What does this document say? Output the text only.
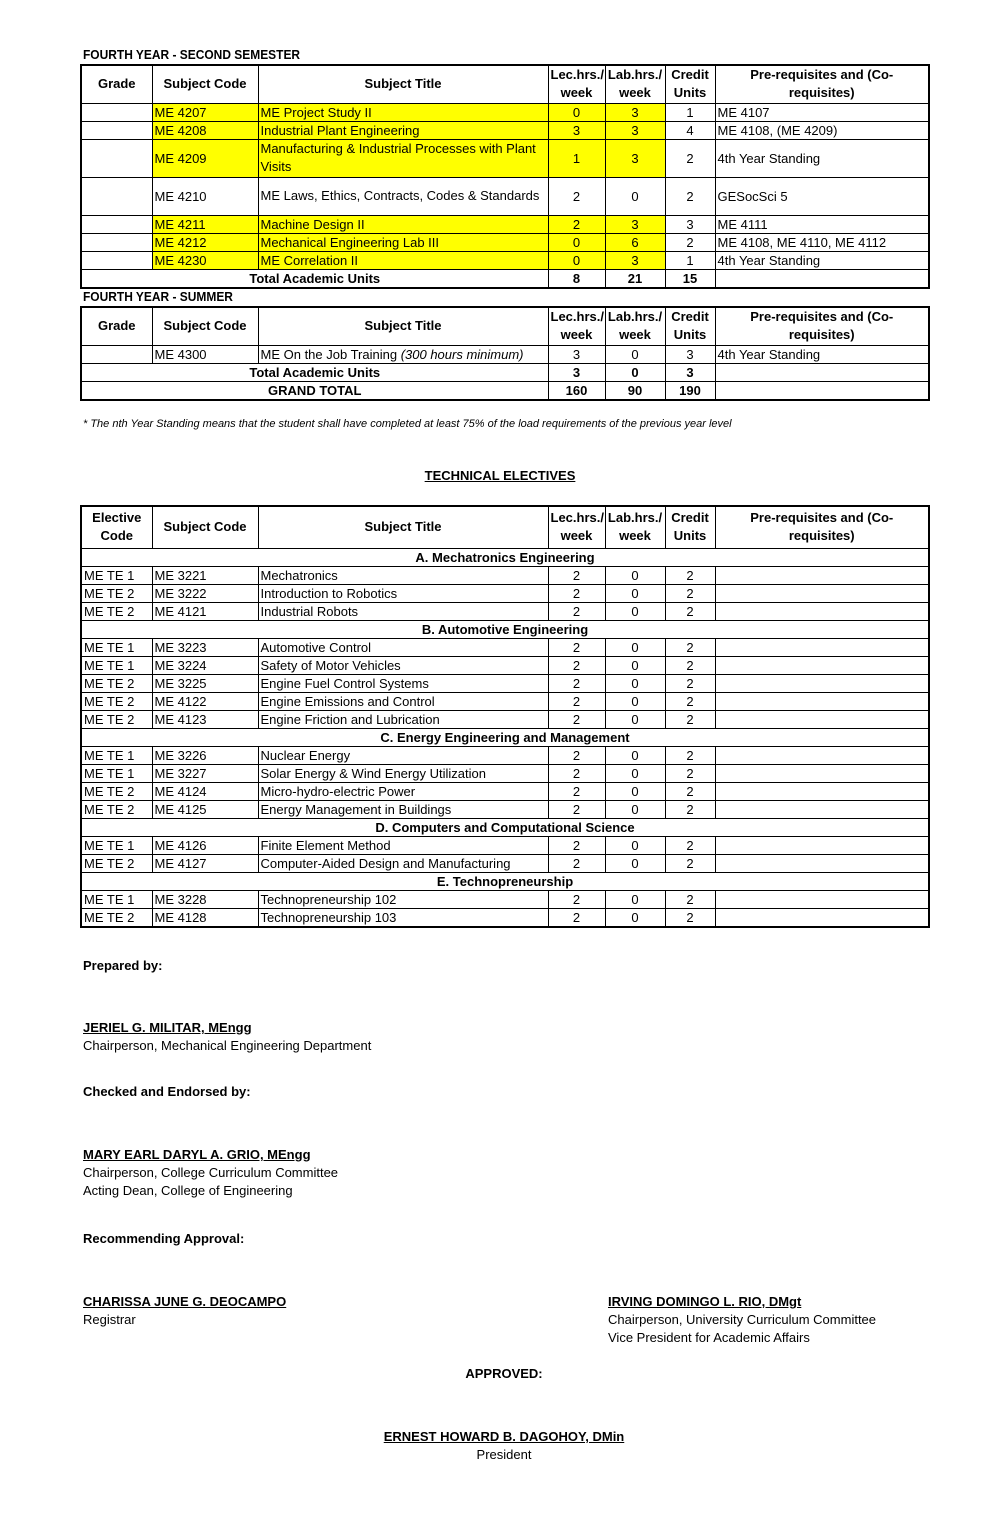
FOURTH YEAR - SECOND SEMESTER
Grade	Subject Code	Subject Title	Lec.hrs./ week	Lab.hrs./ week	Credit Units	Pre-requisites and (Co-requisites)
	ME 4207	ME Project Study II	0	3	1	ME 4107
	ME 4208	Industrial Plant Engineering	3	3	4	ME 4108, (ME 4209)
	ME 4209	Manufacturing & Industrial Processes with Plant Visits	1	3	2	4th Year Standing
	ME 4210	ME Laws, Ethics, Contracts, Codes & Standards	2	0	2	GESocSci 5
	ME 4211	Machine Design II	2	3	3	ME 4111
	ME 4212	Mechanical Engineering Lab III	0	6	2	ME 4108, ME 4110, ME 4112
	ME 4230	ME Correlation II	0	3	1	4th Year Standing
Total Academic Units			8	21	15	
FOURTH YEAR - SUMMER
Grade	Subject Code	Subject Title	Lec.hrs./ week	Lab.hrs./ week	Credit Units	Pre-requisites and (Co-requisites)
	ME 4300	ME On the Job Training (300 hours minimum)	3	0	3	4th Year Standing
Total Academic Units			3	0	3	
GRAND TOTAL			160	90	190	
* The nth Year Standing means that the student shall have completed at least 75% of the load requirements of the previous year level
TECHNICAL ELECTIVES
Elective Code	Subject Code	Subject Title	Lec.hrs./ week	Lab.hrs./ week	Credit Units	Pre-requisites and (Co-requisites)
A. Mechatronics Engineering						
ME TE 1	ME 3221	Mechatronics	2	0	2	
ME TE 2	ME 3222	Introduction to Robotics	2	0	2	
ME TE 2	ME 4121	Industrial Robots	2	0	2	
B. Automotive Engineering						
ME TE 1	ME 3223	Automotive Control	2	0	2	
ME TE 1	ME 3224	Safety of Motor Vehicles	2	0	2	
ME TE 2	ME 3225	Engine Fuel Control Systems	2	0	2	
ME TE 2	ME 4122	Engine Emissions and Control	2	0	2	
ME TE 2	ME 4123	Engine Friction and Lubrication	2	0	2	
C. Energy Engineering and Management						
ME TE 1	ME 3226	Nuclear Energy	2	0	2	
ME TE 1	ME 3227	Solar Energy & Wind Energy Utilization	2	0	2	
ME TE 2	ME 4124	Micro-hydro-electric Power	2	0	2	
ME TE 2	ME 4125	Energy Management in Buildings	2	0	2	
D. Computers and Computational Science						
ME TE 1	ME 4126	Finite Element Method	2	0	2	
ME TE 2	ME 4127	Computer-Aided Design and Manufacturing	2	0	2	
E. Technopreneurship						
ME TE 1	ME 3228	Technopreneurship 102	2	0	2	
ME TE 2	ME 4128	Technopreneurship 103	2	0	2	
Prepared by:
JERIEL G. MILITAR, MEngg
Chairperson, Mechanical Engineering Department
Checked and Endorsed by:
MARY EARL DARYL A. GRIO, MEngg
Chairperson, College Curriculum Committee
Acting Dean, College of Engineering
Recommending Approval:
CHARISSA JUNE G. DEOCAMPO
Registrar
IRVING DOMINGO L. RIO, DMgt
Chairperson, University Curriculum Committee
Vice President for Academic Affairs
APPROVED:
ERNEST HOWARD B. DAGOHOY, DMin
President
